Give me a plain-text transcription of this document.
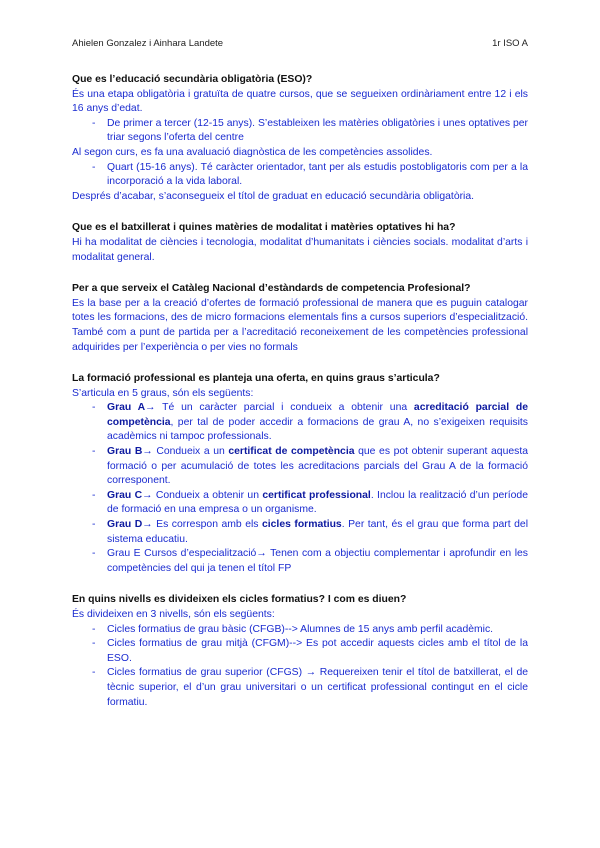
Ahielen Gonzalez i Ainhara Landete	1r ISO A

Que es l’educació secundària obligatòria (ESO)?

És una etapa obligatòria i gratuïta de quatre cursos, que se segueixen ordinàriament entre 12 i els 16 anys d’edat.

- De primer a tercer (12-15 anys). S’estableixen les matèries obligatòries i unes optatives per triar segons l’oferta del centre

Al segon curs, es fa una avaluació diagnòstica de les competències assolides.

- Quart (15-16 anys). Té caràcter orientador, tant per als estudis postobligatoris com per a la incorporació a la vida laboral.

Després d’acabar, s’aconsegueix el títol de graduat en educació secundària obligatòria.

Que es el batxillerat i quines matèries de modalitat i matèries optatives hi ha?

Hi ha modalitat de ciències i tecnologia, modalitat d’humanitats i ciències socials. modalitat d’arts i modalitat general.

Per a que serveix el Catàleg Nacional d’estàndards de competencia Profesional?

Es la base per a la creació d’ofertes de formació professional de manera que es puguin catalogar totes les formacions, des de micro formacions elementals fins a cursos superiors d’especialització. També com a punt de partida per a l’acreditació reconeixement de les competències professional adquirides per l’experiència o per vies no formals

La formació professional es planteja una oferta, en quins graus s’articula?

S’articula en 5 graus, són els següents:

- Grau A→ Té un caràcter parcial i condueix a obtenir una acreditació parcial de competència, per tal de poder accedir a formacions de grau A, no s’exigeixen requisits acadèmics ni tampoc professionals.
- Grau B→ Condueix a un certificat de competència que es pot obtenir superant aquesta formació o per acumulació de totes les acreditacions parcials del Grau A de la formació corresponent.
- Grau C→ Condueix a obtenir un certificat professional. Inclou la realització d’un període de formació en una empresa o un organisme.
- Grau D→ Es correspon amb els cicles formatius. Per tant, és el grau que forma part del sistema educatiu.
- Grau E Cursos d’especialització→ Tenen com a objectiu complementar i aprofundir en les competències del qui ja tenen el títol FP

En quins nivells es divideixen els cicles formatius? I com es diuen?

És divideixen en 3 nivells, són els següents:

- Cicles formatius de grau bàsic (CFGB)--> Alumnes de 15 anys amb perfil acadèmic.
- Cicles formatius de grau mitjà (CFGM)--> Es pot accedir aquests cicles amb el títol de la ESO.
- Cicles formatius de grau superior (CFGS) → Requereixen tenir el títol de batxillerat, el de tècnic superior, el d’un grau universitari o un certificat professional contingut en el cicle formatiu.
